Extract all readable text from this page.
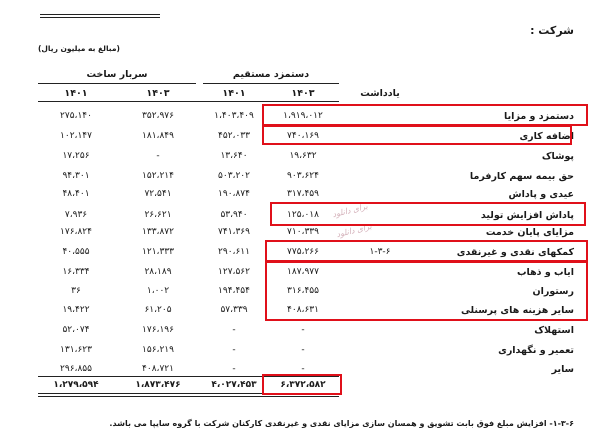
شرکت :
(مبالغ به میلیون ریال)
دستمزد مستقیم
سربار ساخت
یادداشت
۱۴۰۳
۱۴۰۱
۱۴۰۳
۱۴۰۱
دستمزد و مزایا
۱،۹۱۹،۰۱۲
۱،۴۰۳،۴۰۹
۳۵۲،۹۷۶
۲۷۵،۱۴۰
اضافه کاری
۷۴۰،۱۶۹
۴۵۲،۰۳۳
۱۸۱،۸۴۹
۱۰۲،۱۴۷
پوشاک
۱۹،۶۳۲
۱۳،۶۴۰
-
۱۷،۲۵۶
حق بیمه سهم کارفرما
۹۰۳،۶۲۴
۵۰۳،۲۰۲
۱۵۲،۲۱۴
۹۴،۳۰۱
عیدی و پاداش
۳۱۷،۴۵۹
۱۹۰،۸۷۴
۷۲،۵۴۱
۴۸،۴۰۱
پاداش افزایش تولید
۱۲۵،۰۱۸
۵۳،۹۴۰
۲۶،۶۲۱
۷،۹۳۶
مزایای پایان خدمت
۷۱۰،۳۳۹
۷۴۱،۳۶۹
۱۳۳،۸۷۲
۱۷۶،۸۲۴
کمکهای نقدی و غیرنقدی
۱-۳-۶
۷۷۵،۲۶۶
۲۹۰،۶۱۱
۱۲۱،۳۳۳
۴۰،۵۵۵
ایاب و ذهاب
۱۸۷،۹۷۷
۱۲۷،۵۶۲
۲۸،۱۸۹
۱۶،۳۳۴
رستوران
۳۱۶،۴۵۵
۱۹۴،۴۵۴
۱،۰۰۲
۳۶
سایر هزینه های پرسنلی
۴۰۸،۶۳۱
۵۷،۳۳۹
۶۱،۲۰۵
۱۹،۴۲۲
استهلاک
-
-
۱۷۶،۱۹۶
۵۲،۰۷۴
تعمیر و نگهداری
-
-
۱۵۶،۲۱۹
۱۳۱،۶۲۳
سایر
-
-
۴۰۸،۷۲۱
۲۹۶،۸۵۵
۶،۳۷۲،۵۸۲
۴،۰۲۷،۴۵۳
۱،۸۷۳،۴۷۶
۱،۲۷۹،۵۹۴
۱-۳-۶- افزایش مبلغ فوق بابت تشویق و همسان سازی مزایای نقدی و غیرنقدی کارکنان شرکت با گروه سایپا می باشد.
برای دانلود
برای دانلود
